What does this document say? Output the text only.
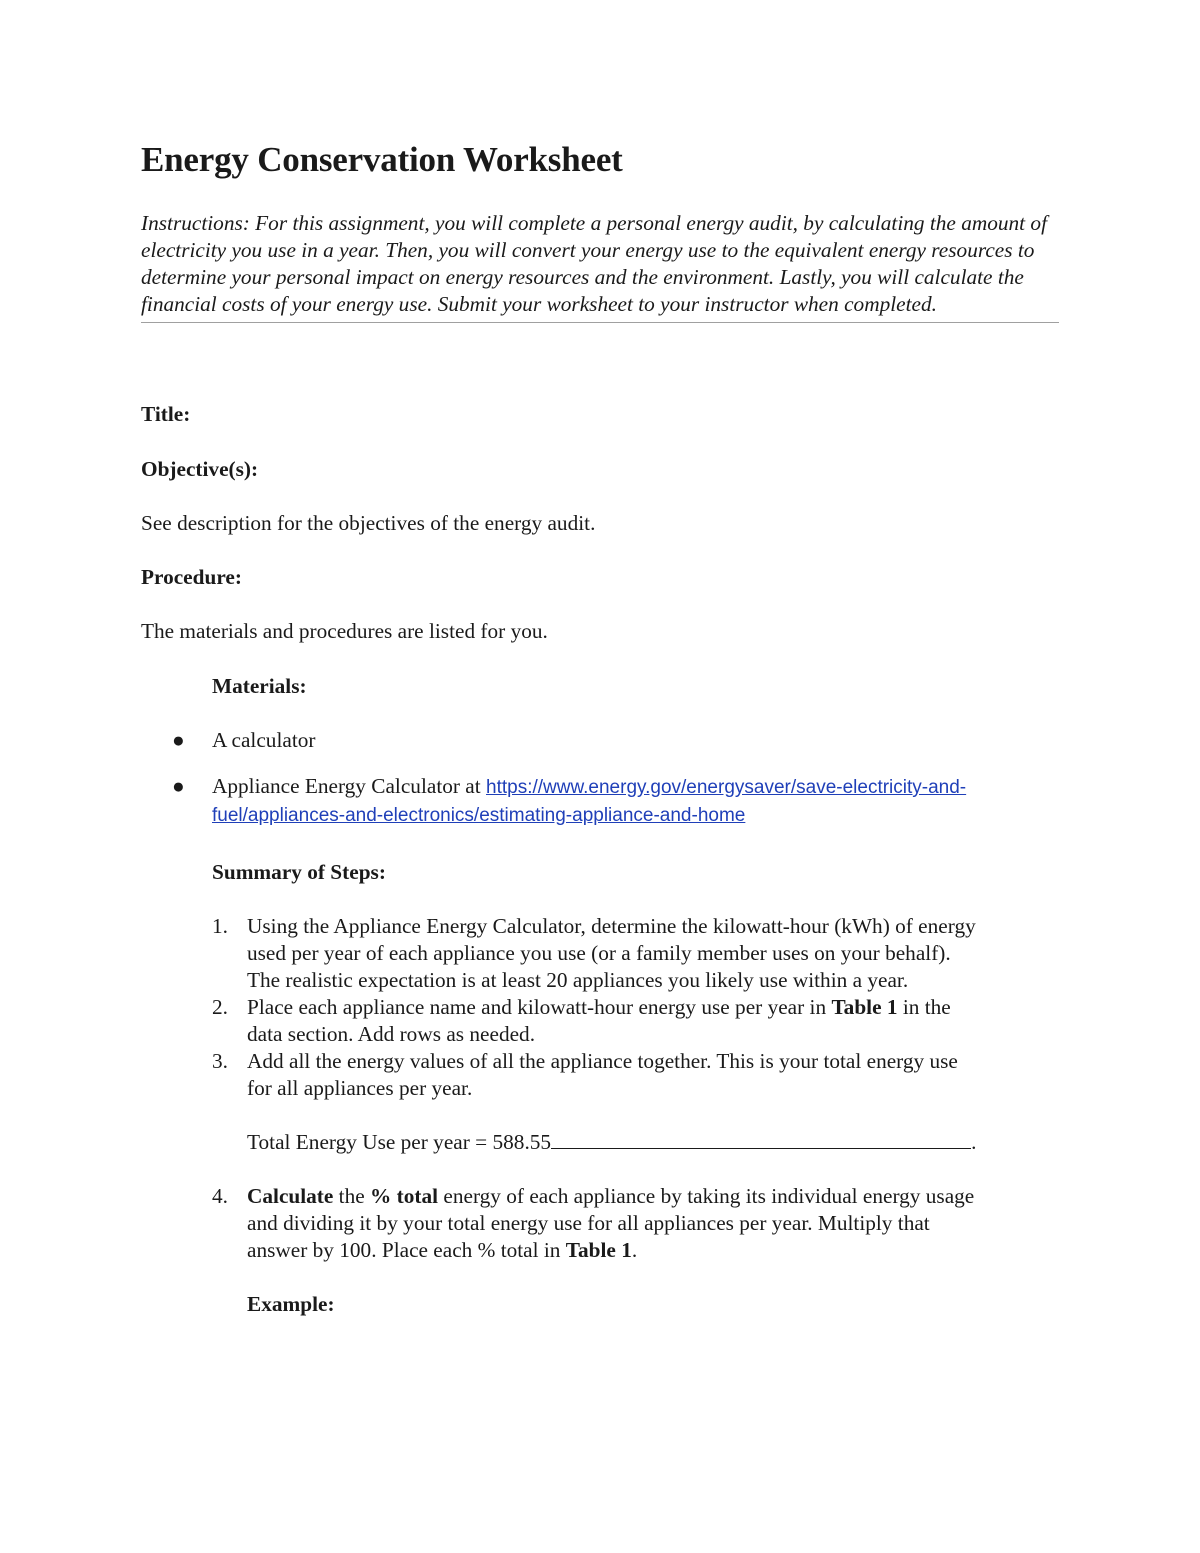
Energy Conservation Worksheet

Instructions: For this assignment, you will complete a personal energy audit, by calculating the amount of electricity you use in a year. Then, you will convert your energy use to the equivalent energy resources to determine your personal impact on energy resources and the environment. Lastly, you will calculate the financial costs of your energy use. Submit your worksheet to your instructor when completed.

Title:

Objective(s):

See description for the objectives of the energy audit.

Procedure:

The materials and procedures are listed for you.

Materials:

● A calculator

● Appliance Energy Calculator at https://www.energy.gov/energysaver/save-electricity-and-

fuel/appliances-and-electronics/estimating-appliance-and-home

Summary of Steps:

1. Using the Appliance Energy Calculator, determine the kilowatt-hour (kWh) of energy
used per year of each appliance you use (or a family member uses on your behalf).
The realistic expectation is at least 20 appliances you likely use within a year.
2. Place each appliance name and kilowatt-hour energy use per year in Table 1 in the
data section. Add rows as needed.
3. Add all the energy values of all the appliance together. This is your total energy use
for all appliances per year.
Total Energy Use per year = 588.55	.
4. Calculate the % total energy of each appliance by taking its individual energy usage
and dividing it by your total energy use for all appliances per year. Multiply that
answer by 100. Place each % total in Table 1.
Example:
